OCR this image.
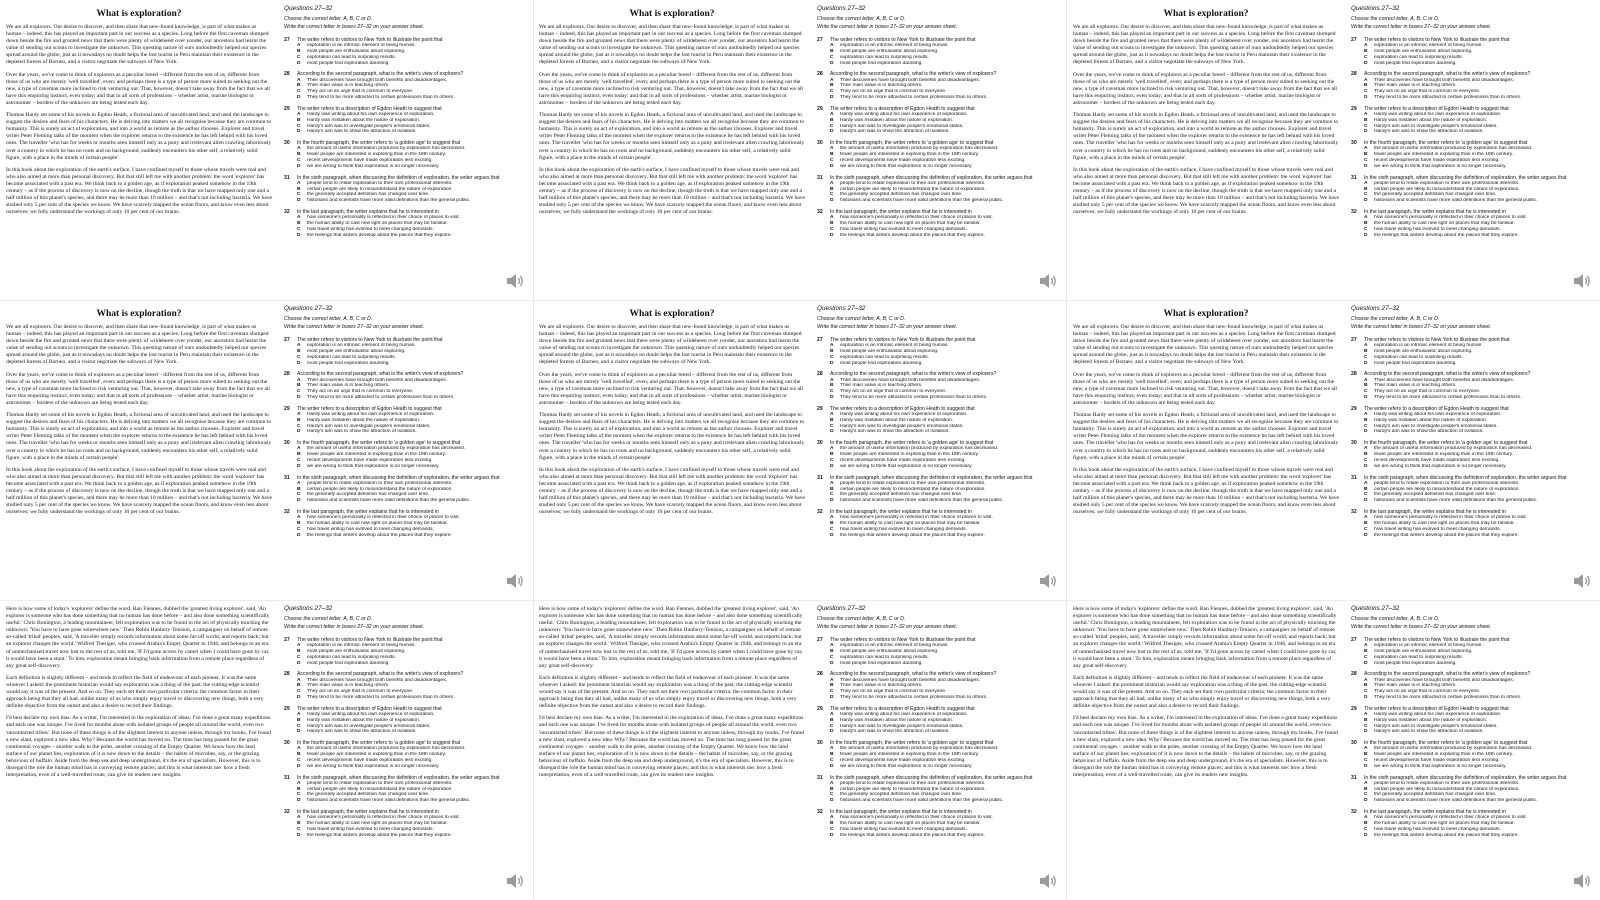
What is exploration?

We are all explorers. Our desire to discover, and then share that new-found knowledge, is part of what makes us human – indeed, this has played an important part in our success as a species. Long before the first caveman slumped down beside the fire and grunted news that there were plenty of wildebeest over yonder, our ancestors had learnt the value of sending out scouts to investigate the unknown. This questing nature of ours undoubtedly helped our species spread around the globe, just as it nowadays no doubt helps the lost tourist in Peru maintain their existence in the depleted forests of Borneo, and a visitor negotiate the subways of New York.

Over the years, we've come to think of explorers as a peculiar breed – different from the rest of us, different from those of us who are merely 'well travelled', even; and perhaps there is a type of person more suited to seeking out the new, a type of caveman more inclined to risk venturing out. That, however, doesn't take away from the fact that we all have this enquiring instinct, even today; and that in all sorts of professions – whether artist, marine biologist or astronomer – borders of the unknown are being tested each day.

Thomas Hardy set some of his novels in Egdon Heath, a fictional area of uncultivated land, and used the landscape to suggest the desires and fears of his characters. He is delving into matters we all recognise because they are common to humanity. This is surely an act of exploration, and into a world as remote as the author chooses. Explorer and travel writer Peter Fleming talks of the moment when the explorer returns to the existence he has left behind with his loved ones. The traveller 'who has for weeks or months seen himself only as a puny and irrelevant alien crawling laboriously over a country in which he has no roots and no background, suddenly encounters his other self, a relatively solid figure, with a place in the minds of certain people'.

In this book about the exploration of the earth's surface, I have confined myself to those whose travels were real and who also aimed at more than personal discovery. But that still left me with another problem: the word 'explorer' has become associated with a past era. We think back to a golden age, as if exploration peaked somehow in the 19th century – as if the process of discovery is now on the decline, though the truth is that we have mapped only one and a half million of this planet's species, and there may be more than 10 million – and that's not including bacteria. We have studied only 5 per cent of the species we know. We have scarcely mapped the ocean floors, and know even less about ourselves; we fully understand the workings of only 10 per cent of our brains.

Questions 27–32
Choose the correct letter, A, B, C or D.
Write the correct letter in boxes 27–32 on your answer sheet.
27	The writer refers to visitors to New York to illustrate the point that
A	exploration is an intrinsic element of being human.
B	most people are enthusiastic about exploring.
C	exploration can lead to surprising results.
D	most people find exploration daunting.
28	According to the second paragraph, what is the writer's view of explorers?
A	Their discoveries have brought both benefits and disadvantages.
B	Their main value is in teaching others.
C	They act on an urge that is common to everyone.
D	They tend to be more attracted to certain professions than to others.
29	The writer refers to a description of Egdon Heath to suggest that
A	Hardy was writing about his own experience of exploration.
B	Hardy was mistaken about the nature of exploration.
C	Hardy's aim was to investigate people's emotional states.
D	Hardy's aim was to show the attraction of isolation.
30	In the fourth paragraph, the writer refers to 'a golden age' to suggest that
A	the amount of useful information produced by exploration has decreased.
B	fewer people are interested in exploring than in the 19th century.
C	recent developments have made exploration less exciting.
D	we are wrong to think that exploration is no longer necessary.
31	In the sixth paragraph, when discussing the definition of exploration, the writer argues that
A	people tend to relate exploration to their own professional interests.
B	certain people are likely to misunderstand the nature of exploration.
C	the generally accepted definition has changed over time.
D	historians and scientists have more valid definitions than the general public.
32	In the last paragraph, the writer explains that he is interested in
A	how someone's personality is reflected in their choice of places to visit.
B	the human ability to cast new light on places that may be familiar.
C	how travel writing has evolved to meet changing demands.
D	the feelings that writers develop about the places that they explore.
What is exploration?

We are all explorers. Our desire to discover, and then share that new-found knowledge, is part of what makes us human – indeed, this has played an important part in our success as a species. Long before the first caveman slumped down beside the fire and grunted news that there were plenty of wildebeest over yonder, our ancestors had learnt the value of sending out scouts to investigate the unknown. This questing nature of ours undoubtedly helped our species spread around the globe, just as it nowadays no doubt helps the lost tourist in Peru maintain their existence in the depleted forests of Borneo, and a visitor negotiate the subways of New York.

Over the years, we've come to think of explorers as a peculiar breed – different from the rest of us, different from those of us who are merely 'well travelled', even; and perhaps there is a type of person more suited to seeking out the new, a type of caveman more inclined to risk venturing out. That, however, doesn't take away from the fact that we all have this enquiring instinct, even today; and that in all sorts of professions – whether artist, marine biologist or astronomer – borders of the unknown are being tested each day.

Thomas Hardy set some of his novels in Egdon Heath, a fictional area of uncultivated land, and used the landscape to suggest the desires and fears of his characters. He is delving into matters we all recognise because they are common to humanity. This is surely an act of exploration, and into a world as remote as the author chooses. Explorer and travel writer Peter Fleming talks of the moment when the explorer returns to the existence he has left behind with his loved ones. The traveller 'who has for weeks or months seen himself only as a puny and irrelevant alien crawling laboriously over a country in which he has no roots and no background, suddenly encounters his other self, a relatively solid figure, with a place in the minds of certain people'.

In this book about the exploration of the earth's surface, I have confined myself to those whose travels were real and who also aimed at more than personal discovery. But that still left me with another problem: the word 'explorer' has become associated with a past era. We think back to a golden age, as if exploration peaked somehow in the 19th century – as if the process of discovery is now on the decline, though the truth is that we have mapped only one and a half million of this planet's species, and there may be more than 10 million – and that's not including bacteria. We have studied only 5 per cent of the species we know. We have scarcely mapped the ocean floors, and know even less about ourselves; we fully understand the workings of only 10 per cent of our brains.

Questions 27–32
Choose the correct letter, A, B, C or D.
Write the correct letter in boxes 27–32 on your answer sheet.
27	The writer refers to visitors to New York to illustrate the point that
A	exploration is an intrinsic element of being human.
B	most people are enthusiastic about exploring.
C	exploration can lead to surprising results.
D	most people find exploration daunting.
28	According to the second paragraph, what is the writer's view of explorers?
A	Their discoveries have brought both benefits and disadvantages.
B	Their main value is in teaching others.
C	They act on an urge that is common to everyone.
D	They tend to be more attracted to certain professions than to others.
29	The writer refers to a description of Egdon Heath to suggest that
A	Hardy was writing about his own experience of exploration.
B	Hardy was mistaken about the nature of exploration.
C	Hardy's aim was to investigate people's emotional states.
D	Hardy's aim was to show the attraction of isolation.
30	In the fourth paragraph, the writer refers to 'a golden age' to suggest that
A	the amount of useful information produced by exploration has decreased.
B	fewer people are interested in exploring than in the 19th century.
C	recent developments have made exploration less exciting.
D	we are wrong to think that exploration is no longer necessary.
31	In the sixth paragraph, when discussing the definition of exploration, the writer argues that
A	people tend to relate exploration to their own professional interests.
B	certain people are likely to misunderstand the nature of exploration.
C	the generally accepted definition has changed over time.
D	historians and scientists have more valid definitions than the general public.
32	In the last paragraph, the writer explains that he is interested in
A	how someone's personality is reflected in their choice of places to visit.
B	the human ability to cast new light on places that may be familiar.
C	how travel writing has evolved to meet changing demands.
D	the feelings that writers develop about the places that they explore.
What is exploration?

We are all explorers. Our desire to discover, and then share that new-found knowledge, is part of what makes us human – indeed, this has played an important part in our success as a species. Long before the first caveman slumped down beside the fire and grunted news that there were plenty of wildebeest over yonder, our ancestors had learnt the value of sending out scouts to investigate the unknown. This questing nature of ours undoubtedly helped our species spread around the globe, just as it nowadays no doubt helps the lost tourist in Peru maintain their existence in the depleted forests of Borneo, and a visitor negotiate the subways of New York.

Over the years, we've come to think of explorers as a peculiar breed – different from the rest of us, different from those of us who are merely 'well travelled', even; and perhaps there is a type of person more suited to seeking out the new, a type of caveman more inclined to risk venturing out. That, however, doesn't take away from the fact that we all have this enquiring instinct, even today; and that in all sorts of professions – whether artist, marine biologist or astronomer – borders of the unknown are being tested each day.

Thomas Hardy set some of his novels in Egdon Heath, a fictional area of uncultivated land, and used the landscape to suggest the desires and fears of his characters. He is delving into matters we all recognise because they are common to humanity. This is surely an act of exploration, and into a world as remote as the author chooses. Explorer and travel writer Peter Fleming talks of the moment when the explorer returns to the existence he has left behind with his loved ones. The traveller 'who has for weeks or months seen himself only as a puny and irrelevant alien crawling laboriously over a country in which he has no roots and no background, suddenly encounters his other self, a relatively solid figure, with a place in the minds of certain people'.

In this book about the exploration of the earth's surface, I have confined myself to those whose travels were real and who also aimed at more than personal discovery. But that still left me with another problem: the word 'explorer' has become associated with a past era. We think back to a golden age, as if exploration peaked somehow in the 19th century – as if the process of discovery is now on the decline, though the truth is that we have mapped only one and a half million of this planet's species, and there may be more than 10 million – and that's not including bacteria. We have studied only 5 per cent of the species we know. We have scarcely mapped the ocean floors, and know even less about ourselves; we fully understand the workings of only 10 per cent of our brains.

Questions 27–32
Choose the correct letter, A, B, C or D.
Write the correct letter in boxes 27–32 on your answer sheet.
27	The writer refers to visitors to New York to illustrate the point that
A	exploration is an intrinsic element of being human.
B	most people are enthusiastic about exploring.
C	exploration can lead to surprising results.
D	most people find exploration daunting.
28	According to the second paragraph, what is the writer's view of explorers?
A	Their discoveries have brought both benefits and disadvantages.
B	Their main value is in teaching others.
C	They act on an urge that is common to everyone.
D	They tend to be more attracted to certain professions than to others.
29	The writer refers to a description of Egdon Heath to suggest that
A	Hardy was writing about his own experience of exploration.
B	Hardy was mistaken about the nature of exploration.
C	Hardy's aim was to investigate people's emotional states.
D	Hardy's aim was to show the attraction of isolation.
30	In the fourth paragraph, the writer refers to 'a golden age' to suggest that
A	the amount of useful information produced by exploration has decreased.
B	fewer people are interested in exploring than in the 19th century.
C	recent developments have made exploration less exciting.
D	we are wrong to think that exploration is no longer necessary.
31	In the sixth paragraph, when discussing the definition of exploration, the writer argues that
A	people tend to relate exploration to their own professional interests.
B	certain people are likely to misunderstand the nature of exploration.
C	the generally accepted definition has changed over time.
D	historians and scientists have more valid definitions than the general public.
32	In the last paragraph, the writer explains that he is interested in
A	how someone's personality is reflected in their choice of places to visit.
B	the human ability to cast new light on places that may be familiar.
C	how travel writing has evolved to meet changing demands.
D	the feelings that writers develop about the places that they explore.
What is exploration?

We are all explorers. Our desire to discover, and then share that new-found knowledge, is part of what makes us human – indeed, this has played an important part in our success as a species. Long before the first caveman slumped down beside the fire and grunted news that there were plenty of wildebeest over yonder, our ancestors had learnt the value of sending out scouts to investigate the unknown. This questing nature of ours undoubtedly helped our species spread around the globe, just as it nowadays no doubt helps the lost tourist in Peru maintain their existence in the depleted forests of Borneo, and a visitor negotiate the subways of New York.

Over the years, we've come to think of explorers as a peculiar breed – different from the rest of us, different from those of us who are merely 'well travelled', even; and perhaps there is a type of person more suited to seeking out the new, a type of caveman more inclined to risk venturing out. That, however, doesn't take away from the fact that we all have this enquiring instinct, even today; and that in all sorts of professions – whether artist, marine biologist or astronomer – borders of the unknown are being tested each day.

Thomas Hardy set some of his novels in Egdon Heath, a fictional area of uncultivated land, and used the landscape to suggest the desires and fears of his characters. He is delving into matters we all recognise because they are common to humanity. This is surely an act of exploration, and into a world as remote as the author chooses. Explorer and travel writer Peter Fleming talks of the moment when the explorer returns to the existence he has left behind with his loved ones. The traveller 'who has for weeks or months seen himself only as a puny and irrelevant alien crawling laboriously over a country in which he has no roots and no background, suddenly encounters his other self, a relatively solid figure, with a place in the minds of certain people'.

In this book about the exploration of the earth's surface, I have confined myself to those whose travels were real and who also aimed at more than personal discovery. But that still left me with another problem: the word 'explorer' has become associated with a past era. We think back to a golden age, as if exploration peaked somehow in the 19th century – as if the process of discovery is now on the decline, though the truth is that we have mapped only one and a half million of this planet's species, and there may be more than 10 million – and that's not including bacteria. We have studied only 5 per cent of the species we know. We have scarcely mapped the ocean floors, and know even less about ourselves; we fully understand the workings of only 10 per cent of our brains.

Questions 27–32
Choose the correct letter, A, B, C or D.
Write the correct letter in boxes 27–32 on your answer sheet.
27	The writer refers to visitors to New York to illustrate the point that
A	exploration is an intrinsic element of being human.
B	most people are enthusiastic about exploring.
C	exploration can lead to surprising results.
D	most people find exploration daunting.
28	According to the second paragraph, what is the writer's view of explorers?
A	Their discoveries have brought both benefits and disadvantages.
B	Their main value is in teaching others.
C	They act on an urge that is common to everyone.
D	They tend to be more attracted to certain professions than to others.
29	The writer refers to a description of Egdon Heath to suggest that
A	Hardy was writing about his own experience of exploration.
B	Hardy was mistaken about the nature of exploration.
C	Hardy's aim was to investigate people's emotional states.
D	Hardy's aim was to show the attraction of isolation.
30	In the fourth paragraph, the writer refers to 'a golden age' to suggest that
A	the amount of useful information produced by exploration has decreased.
B	fewer people are interested in exploring than in the 19th century.
C	recent developments have made exploration less exciting.
D	we are wrong to think that exploration is no longer necessary.
31	In the sixth paragraph, when discussing the definition of exploration, the writer argues that
A	people tend to relate exploration to their own professional interests.
B	certain people are likely to misunderstand the nature of exploration.
C	the generally accepted definition has changed over time.
D	historians and scientists have more valid definitions than the general public.
32	In the last paragraph, the writer explains that he is interested in
A	how someone's personality is reflected in their choice of places to visit.
B	the human ability to cast new light on places that may be familiar.
C	how travel writing has evolved to meet changing demands.
D	the feelings that writers develop about the places that they explore.
What is exploration?

We are all explorers. Our desire to discover, and then share that new-found knowledge, is part of what makes us human – indeed, this has played an important part in our success as a species. Long before the first caveman slumped down beside the fire and grunted news that there were plenty of wildebeest over yonder, our ancestors had learnt the value of sending out scouts to investigate the unknown. This questing nature of ours undoubtedly helped our species spread around the globe, just as it nowadays no doubt helps the lost tourist in Peru maintain their existence in the depleted forests of Borneo, and a visitor negotiate the subways of New York.

Over the years, we've come to think of explorers as a peculiar breed – different from the rest of us, different from those of us who are merely 'well travelled', even; and perhaps there is a type of person more suited to seeking out the new, a type of caveman more inclined to risk venturing out. That, however, doesn't take away from the fact that we all have this enquiring instinct, even today; and that in all sorts of professions – whether artist, marine biologist or astronomer – borders of the unknown are being tested each day.

Thomas Hardy set some of his novels in Egdon Heath, a fictional area of uncultivated land, and used the landscape to suggest the desires and fears of his characters. He is delving into matters we all recognise because they are common to humanity. This is surely an act of exploration, and into a world as remote as the author chooses. Explorer and travel writer Peter Fleming talks of the moment when the explorer returns to the existence he has left behind with his loved ones. The traveller 'who has for weeks or months seen himself only as a puny and irrelevant alien crawling laboriously over a country in which he has no roots and no background, suddenly encounters his other self, a relatively solid figure, with a place in the minds of certain people'.

In this book about the exploration of the earth's surface, I have confined myself to those whose travels were real and who also aimed at more than personal discovery. But that still left me with another problem: the word 'explorer' has become associated with a past era. We think back to a golden age, as if exploration peaked somehow in the 19th century – as if the process of discovery is now on the decline, though the truth is that we have mapped only one and a half million of this planet's species, and there may be more than 10 million – and that's not including bacteria. We have studied only 5 per cent of the species we know. We have scarcely mapped the ocean floors, and know even less about ourselves; we fully understand the workings of only 10 per cent of our brains.

Questions 27–32
Choose the correct letter, A, B, C or D.
Write the correct letter in boxes 27–32 on your answer sheet.
27	The writer refers to visitors to New York to illustrate the point that
A	exploration is an intrinsic element of being human.
B	most people are enthusiastic about exploring.
C	exploration can lead to surprising results.
D	most people find exploration daunting.
28	According to the second paragraph, what is the writer's view of explorers?
A	Their discoveries have brought both benefits and disadvantages.
B	Their main value is in teaching others.
C	They act on an urge that is common to everyone.
D	They tend to be more attracted to certain professions than to others.
29	The writer refers to a description of Egdon Heath to suggest that
A	Hardy was writing about his own experience of exploration.
B	Hardy was mistaken about the nature of exploration.
C	Hardy's aim was to investigate people's emotional states.
D	Hardy's aim was to show the attraction of isolation.
30	In the fourth paragraph, the writer refers to 'a golden age' to suggest that
A	the amount of useful information produced by exploration has decreased.
B	fewer people are interested in exploring than in the 19th century.
C	recent developments have made exploration less exciting.
D	we are wrong to think that exploration is no longer necessary.
31	In the sixth paragraph, when discussing the definition of exploration, the writer argues that
A	people tend to relate exploration to their own professional interests.
B	certain people are likely to misunderstand the nature of exploration.
C	the generally accepted definition has changed over time.
D	historians and scientists have more valid definitions than the general public.
32	In the last paragraph, the writer explains that he is interested in
A	how someone's personality is reflected in their choice of places to visit.
B	the human ability to cast new light on places that may be familiar.
C	how travel writing has evolved to meet changing demands.
D	the feelings that writers develop about the places that they explore.
What is exploration?

We are all explorers. Our desire to discover, and then share that new-found knowledge, is part of what makes us human – indeed, this has played an important part in our success as a species. Long before the first caveman slumped down beside the fire and grunted news that there were plenty of wildebeest over yonder, our ancestors had learnt the value of sending out scouts to investigate the unknown. This questing nature of ours undoubtedly helped our species spread around the globe, just as it nowadays no doubt helps the lost tourist in Peru maintain their existence in the depleted forests of Borneo, and a visitor negotiate the subways of New York.

Over the years, we've come to think of explorers as a peculiar breed – different from the rest of us, different from those of us who are merely 'well travelled', even; and perhaps there is a type of person more suited to seeking out the new, a type of caveman more inclined to risk venturing out. That, however, doesn't take away from the fact that we all have this enquiring instinct, even today; and that in all sorts of professions – whether artist, marine biologist or astronomer – borders of the unknown are being tested each day.

Thomas Hardy set some of his novels in Egdon Heath, a fictional area of uncultivated land, and used the landscape to suggest the desires and fears of his characters. He is delving into matters we all recognise because they are common to humanity. This is surely an act of exploration, and into a world as remote as the author chooses. Explorer and travel writer Peter Fleming talks of the moment when the explorer returns to the existence he has left behind with his loved ones. The traveller 'who has for weeks or months seen himself only as a puny and irrelevant alien crawling laboriously over a country in which he has no roots and no background, suddenly encounters his other self, a relatively solid figure, with a place in the minds of certain people'.

In this book about the exploration of the earth's surface, I have confined myself to those whose travels were real and who also aimed at more than personal discovery. But that still left me with another problem: the word 'explorer' has become associated with a past era. We think back to a golden age, as if exploration peaked somehow in the 19th century – as if the process of discovery is now on the decline, though the truth is that we have mapped only one and a half million of this planet's species, and there may be more than 10 million – and that's not including bacteria. We have studied only 5 per cent of the species we know. We have scarcely mapped the ocean floors, and know even less about ourselves; we fully understand the workings of only 10 per cent of our brains.

Questions 27–32
Choose the correct letter, A, B, C or D.
Write the correct letter in boxes 27–32 on your answer sheet.
27	The writer refers to visitors to New York to illustrate the point that
A	exploration is an intrinsic element of being human.
B	most people are enthusiastic about exploring.
C	exploration can lead to surprising results.
D	most people find exploration daunting.
28	According to the second paragraph, what is the writer's view of explorers?
A	Their discoveries have brought both benefits and disadvantages.
B	Their main value is in teaching others.
C	They act on an urge that is common to everyone.
D	They tend to be more attracted to certain professions than to others.
29	The writer refers to a description of Egdon Heath to suggest that
A	Hardy was writing about his own experience of exploration.
B	Hardy was mistaken about the nature of exploration.
C	Hardy's aim was to investigate people's emotional states.
D	Hardy's aim was to show the attraction of isolation.
30	In the fourth paragraph, the writer refers to 'a golden age' to suggest that
A	the amount of useful information produced by exploration has decreased.
B	fewer people are interested in exploring than in the 19th century.
C	recent developments have made exploration less exciting.
D	we are wrong to think that exploration is no longer necessary.
31	In the sixth paragraph, when discussing the definition of exploration, the writer argues that
A	people tend to relate exploration to their own professional interests.
B	certain people are likely to misunderstand the nature of exploration.
C	the generally accepted definition has changed over time.
D	historians and scientists have more valid definitions than the general public.
32	In the last paragraph, the writer explains that he is interested in
A	how someone's personality is reflected in their choice of places to visit.
B	the human ability to cast new light on places that may be familiar.
C	how travel writing has evolved to meet changing demands.
D	the feelings that writers develop about the places that they explore.

Here is how some of today's 'explorers' define the word. Ran Fiennes, dubbed the 'greatest living explorer', said, 'An explorer is someone who has done something that no human has done before – and also done something scientifically useful.' Chris Bonington, a leading mountaineer, felt exploration was to be found in the act of physically touching the unknown: 'You have to have gone somewhere new.' Then Robin Hanbury-Tenison, a campaigner on behalf of remote so-called 'tribal' peoples, said, 'A traveller simply records information about some far-off world, and reports back; but an explorer changes the world.' Wilfred Thesiger, who crossed Arabia's Empty Quarter in 1946, and belongs to an era of unmechanised travel now lost to the rest of us, told me, 'If I'd gone across by camel when I could have gone by car, it would have been a stunt.' To him, exploration meant bringing back information from a remote place regardless of any great self-discovery.

Each definition is slightly different – and tends to reflect the field of endeavour of each pioneer. It was the same whoever I asked: the prominent historian would say exploration was a thing of the past, the cutting-edge scientist would say it was of the present. And so on. They each set their own particular criteria; the common factor in their approach being that they all had, unlike many of us who simply enjoy travel or discovering new things, both a very definite objective from the outset and also a desire to record their findings.

I'd best declare my own bias. As a writer, I'm interested in the exploration of ideas. I've done a great many expeditions and each one was unique. I've lived for months alone with isolated groups of people all around the world, even two 'uncontacted tribes'. But none of these things is of the slightest interest to anyone unless, through my books, I've found a new slant, explored a new idea. Why? Because the world has moved on. The time has long passed for the great continental voyages – another walk to the poles, another crossing of the Empty Quarter. We know how the land surface of our planet lies; exploration of it is now down to the details – the habits of microbes, say, or the grazing behaviour of buffalo. Aside from the deep sea and deep underground, it's the era of specialists. However, this is to disregard the role the human mind has in conveying remote places; and this is what interests me: how a fresh interpretation, even of a well-travelled route, can give its readers new insights.

Questions 27–32
Choose the correct letter, A, B, C or D.
Write the correct letter in boxes 27–32 on your answer sheet.
27	The writer refers to visitors to New York to illustrate the point that
A	exploration is an intrinsic element of being human.
B	most people are enthusiastic about exploring.
C	exploration can lead to surprising results.
D	most people find exploration daunting.
28	According to the second paragraph, what is the writer's view of explorers?
A	Their discoveries have brought both benefits and disadvantages.
B	Their main value is in teaching others.
C	They act on an urge that is common to everyone.
D	They tend to be more attracted to certain professions than to others.
29	The writer refers to a description of Egdon Heath to suggest that
A	Hardy was writing about his own experience of exploration.
B	Hardy was mistaken about the nature of exploration.
C	Hardy's aim was to investigate people's emotional states.
D	Hardy's aim was to show the attraction of isolation.
30	In the fourth paragraph, the writer refers to 'a golden age' to suggest that
A	the amount of useful information produced by exploration has decreased.
B	fewer people are interested in exploring than in the 19th century.
C	recent developments have made exploration less exciting.
D	we are wrong to think that exploration is no longer necessary.
31	In the sixth paragraph, when discussing the definition of exploration, the writer argues that
A	people tend to relate exploration to their own professional interests.
B	certain people are likely to misunderstand the nature of exploration.
C	the generally accepted definition has changed over time.
D	historians and scientists have more valid definitions than the general public.
32	In the last paragraph, the writer explains that he is interested in
A	how someone's personality is reflected in their choice of places to visit.
B	the human ability to cast new light on places that may be familiar.
C	how travel writing has evolved to meet changing demands.
D	the feelings that writers develop about the places that they explore.

Here is how some of today's 'explorers' define the word. Ran Fiennes, dubbed the 'greatest living explorer', said, 'An explorer is someone who has done something that no human has done before – and also done something scientifically useful.' Chris Bonington, a leading mountaineer, felt exploration was to be found in the act of physically touching the unknown: 'You have to have gone somewhere new.' Then Robin Hanbury-Tenison, a campaigner on behalf of remote so-called 'tribal' peoples, said, 'A traveller simply records information about some far-off world, and reports back; but an explorer changes the world.' Wilfred Thesiger, who crossed Arabia's Empty Quarter in 1946, and belongs to an era of unmechanised travel now lost to the rest of us, told me, 'If I'd gone across by camel when I could have gone by car, it would have been a stunt.' To him, exploration meant bringing back information from a remote place regardless of any great self-discovery.

Each definition is slightly different – and tends to reflect the field of endeavour of each pioneer. It was the same whoever I asked: the prominent historian would say exploration was a thing of the past, the cutting-edge scientist would say it was of the present. And so on. They each set their own particular criteria; the common factor in their approach being that they all had, unlike many of us who simply enjoy travel or discovering new things, both a very definite objective from the outset and also a desire to record their findings.

I'd best declare my own bias. As a writer, I'm interested in the exploration of ideas. I've done a great many expeditions and each one was unique. I've lived for months alone with isolated groups of people all around the world, even two 'uncontacted tribes'. But none of these things is of the slightest interest to anyone unless, through my books, I've found a new slant, explored a new idea. Why? Because the world has moved on. The time has long passed for the great continental voyages – another walk to the poles, another crossing of the Empty Quarter. We know how the land surface of our planet lies; exploration of it is now down to the details – the habits of microbes, say, or the grazing behaviour of buffalo. Aside from the deep sea and deep underground, it's the era of specialists. However, this is to disregard the role the human mind has in conveying remote places; and this is what interests me: how a fresh interpretation, even of a well-travelled route, can give its readers new insights.

Questions 27–32
Choose the correct letter, A, B, C or D.
Write the correct letter in boxes 27–32 on your answer sheet.
27	The writer refers to visitors to New York to illustrate the point that
A	exploration is an intrinsic element of being human.
B	most people are enthusiastic about exploring.
C	exploration can lead to surprising results.
D	most people find exploration daunting.
28	According to the second paragraph, what is the writer's view of explorers?
A	Their discoveries have brought both benefits and disadvantages.
B	Their main value is in teaching others.
C	They act on an urge that is common to everyone.
D	They tend to be more attracted to certain professions than to others.
29	The writer refers to a description of Egdon Heath to suggest that
A	Hardy was writing about his own experience of exploration.
B	Hardy was mistaken about the nature of exploration.
C	Hardy's aim was to investigate people's emotional states.
D	Hardy's aim was to show the attraction of isolation.
30	In the fourth paragraph, the writer refers to 'a golden age' to suggest that
A	the amount of useful information produced by exploration has decreased.
B	fewer people are interested in exploring than in the 19th century.
C	recent developments have made exploration less exciting.
D	we are wrong to think that exploration is no longer necessary.
31	In the sixth paragraph, when discussing the definition of exploration, the writer argues that
A	people tend to relate exploration to their own professional interests.
B	certain people are likely to misunderstand the nature of exploration.
C	the generally accepted definition has changed over time.
D	historians and scientists have more valid definitions than the general public.
32	In the last paragraph, the writer explains that he is interested in
A	how someone's personality is reflected in their choice of places to visit.
B	the human ability to cast new light on places that may be familiar.
C	how travel writing has evolved to meet changing demands.
D	the feelings that writers develop about the places that they explore.

Here is how some of today's 'explorers' define the word. Ran Fiennes, dubbed the 'greatest living explorer', said, 'An explorer is someone who has done something that no human has done before – and also done something scientifically useful.' Chris Bonington, a leading mountaineer, felt exploration was to be found in the act of physically touching the unknown: 'You have to have gone somewhere new.' Then Robin Hanbury-Tenison, a campaigner on behalf of remote so-called 'tribal' peoples, said, 'A traveller simply records information about some far-off world, and reports back; but an explorer changes the world.' Wilfred Thesiger, who crossed Arabia's Empty Quarter in 1946, and belongs to an era of unmechanised travel now lost to the rest of us, told me, 'If I'd gone across by camel when I could have gone by car, it would have been a stunt.' To him, exploration meant bringing back information from a remote place regardless of any great self-discovery.

Each definition is slightly different – and tends to reflect the field of endeavour of each pioneer. It was the same whoever I asked: the prominent historian would say exploration was a thing of the past, the cutting-edge scientist would say it was of the present. And so on. They each set their own particular criteria; the common factor in their approach being that they all had, unlike many of us who simply enjoy travel or discovering new things, both a very definite objective from the outset and also a desire to record their findings.

I'd best declare my own bias. As a writer, I'm interested in the exploration of ideas. I've done a great many expeditions and each one was unique. I've lived for months alone with isolated groups of people all around the world, even two 'uncontacted tribes'. But none of these things is of the slightest interest to anyone unless, through my books, I've found a new slant, explored a new idea. Why? Because the world has moved on. The time has long passed for the great continental voyages – another walk to the poles, another crossing of the Empty Quarter. We know how the land surface of our planet lies; exploration of it is now down to the details – the habits of microbes, say, or the grazing behaviour of buffalo. Aside from the deep sea and deep underground, it's the era of specialists. However, this is to disregard the role the human mind has in conveying remote places; and this is what interests me: how a fresh interpretation, even of a well-travelled route, can give its readers new insights.

Questions 27–32
Choose the correct letter, A, B, C or D.
Write the correct letter in boxes 27–32 on your answer sheet.
27	The writer refers to visitors to New York to illustrate the point that
A	exploration is an intrinsic element of being human.
B	most people are enthusiastic about exploring.
C	exploration can lead to surprising results.
D	most people find exploration daunting.
28	According to the second paragraph, what is the writer's view of explorers?
A	Their discoveries have brought both benefits and disadvantages.
B	Their main value is in teaching others.
C	They act on an urge that is common to everyone.
D	They tend to be more attracted to certain professions than to others.
29	The writer refers to a description of Egdon Heath to suggest that
A	Hardy was writing about his own experience of exploration.
B	Hardy was mistaken about the nature of exploration.
C	Hardy's aim was to investigate people's emotional states.
D	Hardy's aim was to show the attraction of isolation.
30	In the fourth paragraph, the writer refers to 'a golden age' to suggest that
A	the amount of useful information produced by exploration has decreased.
B	fewer people are interested in exploring than in the 19th century.
C	recent developments have made exploration less exciting.
D	we are wrong to think that exploration is no longer necessary.
31	In the sixth paragraph, when discussing the definition of exploration, the writer argues that
A	people tend to relate exploration to their own professional interests.
B	certain people are likely to misunderstand the nature of exploration.
C	the generally accepted definition has changed over time.
D	historians and scientists have more valid definitions than the general public.
32	In the last paragraph, the writer explains that he is interested in
A	how someone's personality is reflected in their choice of places to visit.
B	the human ability to cast new light on places that may be familiar.
C	how travel writing has evolved to meet changing demands.
D	the feelings that writers develop about the places that they explore.
